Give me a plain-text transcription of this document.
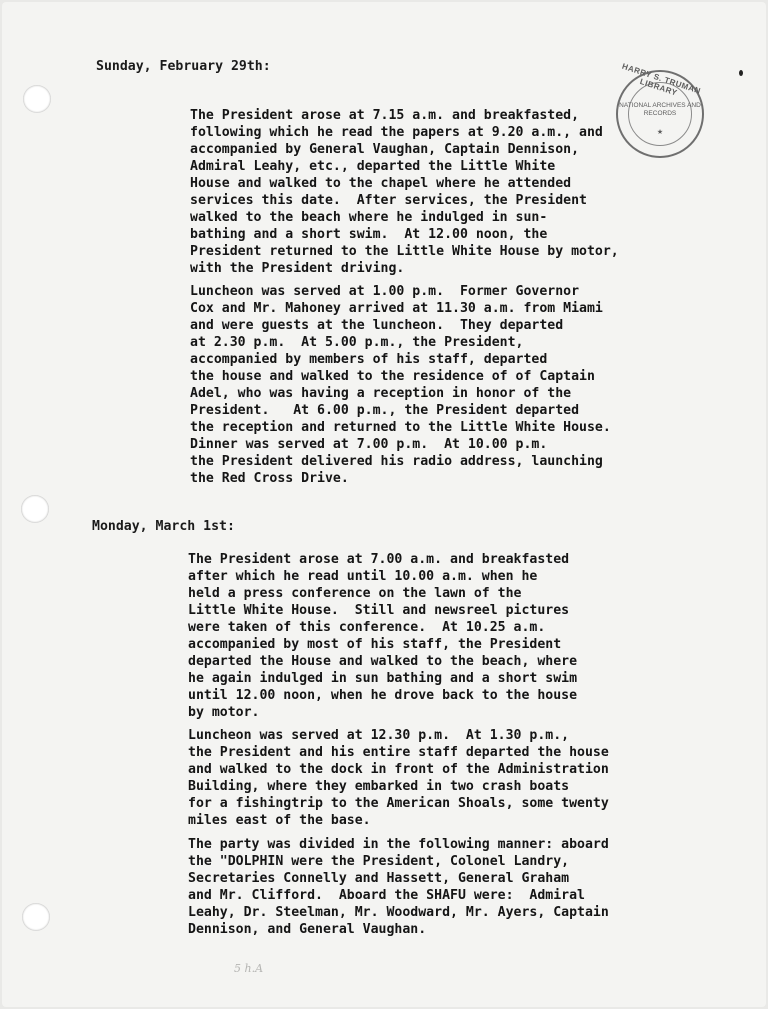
HARRY S. TRUMAN LIBRARY
NATIONAL ARCHIVES AND RECORDS
★
Sunday, February 29th:
The President arose at 7.15 a.m. and breakfasted,
following which he read the papers at 9.20 a.m., and
accompanied by General Vaughan, Captain Dennison,
Admiral Leahy, etc., departed the Little White
House and walked to the chapel where he attended
services this date.  After services, the President
walked to the beach where he indulged in sun-
bathing and a short swim.  At 12.00 noon, the
President returned to the Little White House by motor,
with the President driving.
Luncheon was served at 1.00 p.m.  Former Governor
Cox and Mr. Mahoney arrived at 11.30 a.m. from Miami
and were guests at the luncheon.  They departed
at 2.30 p.m.  At 5.00 p.m., the President,
accompanied by members of his staff, departed
the house and walked to the residence of of Captain
Adel, who was having a reception in honor of the
President.   At 6.00 p.m., the President departed
the reception and returned to the Little White House.
Dinner was served at 7.00 p.m.  At 10.00 p.m.
the President delivered his radio address, launching
the Red Cross Drive.
Monday, March 1st:
The President arose at 7.00 a.m. and breakfasted
after which he read until 10.00 a.m. when he
held a press conference on the lawn of the
Little White House.  Still and newsreel pictures
were taken of this conference.  At 10.25 a.m.
accompanied by most of his staff, the President
departed the House and walked to the beach, where
he again indulged in sun bathing and a short swim
until 12.00 noon, when he drove back to the house
by motor.
Luncheon was served at 12.30 p.m.  At 1.30 p.m.,
the President and his entire staff departed the house
and walked to the dock in front of the Administration
Building, where they embarked in two crash boats
for a fishingtrip to the American Shoals, some twenty
miles east of the base.
The party was divided in the following manner: aboard
the "DOLPHIN were the President, Colonel Landry,
Secretaries Connelly and Hassett, General Graham
and Mr. Clifford.  Aboard the SHAFU were:  Admiral
Leahy, Dr. Steelman, Mr. Woodward, Mr. Ayers, Captain
Dennison, and General Vaughan.
5 h.A
